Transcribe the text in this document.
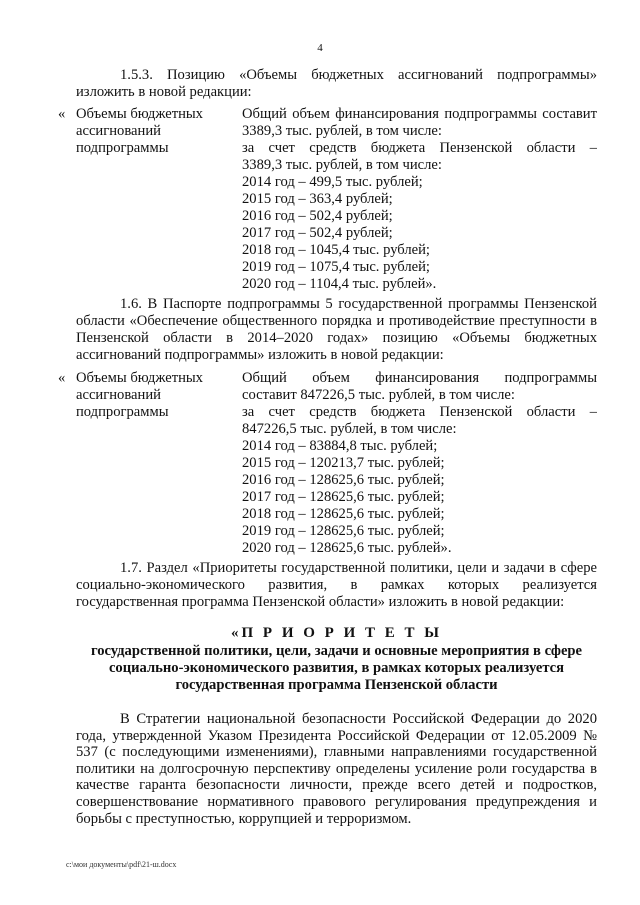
4
1.5.3. Позицию «Объемы бюджетных ассигнований подпрограммы»
изложить в новой редакции:
« Объемы бюджетных
ассигнований
подпрограммы
Общий объем финансирования подпрограммы составит
3389,3 тыс. рублей, в том числе:
за счет средств бюджета Пензенской области –
3389,3 тыс. рублей, в том числе:
2014 год – 499,5 тыс. рублей;
2015 год – 363,4 рублей;
2016 год – 502,4 рублей;
2017 год – 502,4 рублей;
2018 год – 1045,4 тыс. рублей;
2019 год – 1075,4 тыс. рублей;
2020 год – 1104,4 тыс. рублей».
1.6. В Паспорте подпрограммы 5 государственной программы Пензенской области «Обеспечение общественного порядка и противодействие преступности в Пензенской области в 2014–2020 годах» позицию «Объемы бюджетных ассигнований подпрограммы» изложить в новой редакции:
« Объемы бюджетных
ассигнований
подпрограммы
Общий объем финансирования подпрограммы
составит 847226,5 тыс. рублей, в том числе:
за счет средств бюджета Пензенской области –
847226,5 тыс. рублей, в том числе:
2014 год – 83884,8 тыс. рублей;
2015 год – 120213,7 тыс. рублей;
2016 год – 128625,6 тыс. рублей;
2017 год – 128625,6 тыс. рублей;
2018 год – 128625,6 тыс. рублей;
2019 год – 128625,6 тыс. рублей;
2020 год – 128625,6 тыс. рублей».
1.7. Раздел «Приоритеты государственной политики, цели и задачи в сфере социально-экономического развития, в рамках которых реализуется государственная программа Пензенской области» изложить в новой редакции:
«П Р И О Р И Т Е Т Ы
государственной политики, цели, задачи и основные мероприятия в сфере
социально-экономического развития, в рамках которых реализуется
государственная программа Пензенской области
В Стратегии национальной безопасности Российской Федерации до 2020 года, утвержденной Указом Президента Российской Федерации от 12.05.2009 № 537 (с последующими изменениями), главными направлениями государственной политики на долгосрочную перспективу определены усиление роли государства в качестве гаранта безопасности личности, прежде всего детей и подростков, совершенствование нормативного правового регулирования предупреждения и борьбы с преступностью, коррупцией и терроризмом.
c:\мои документы\pdf\21-ш.docx
